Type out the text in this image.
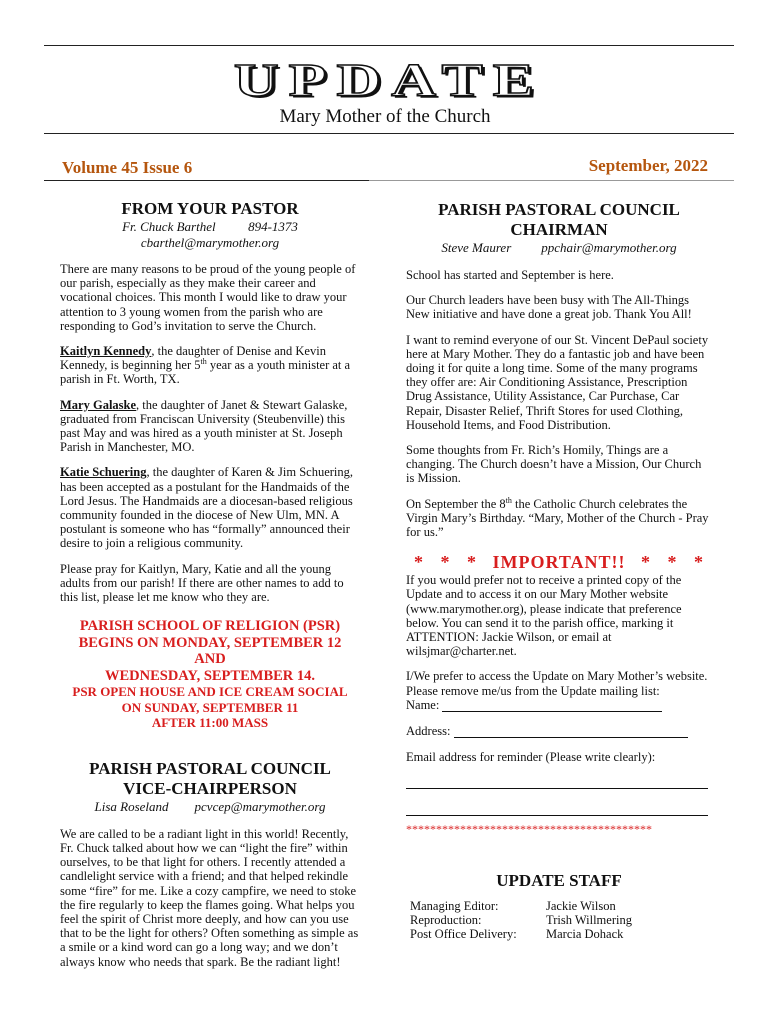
UPDATE
Mary Mother of the Church
Volume 45 Issue 6	September, 2022
FROM YOUR PASTOR
Fr. Chuck Barthel          894-1373
cbarthel@marymother.org

There are many reasons to be proud of the young people of our parish, especially as they make their career and vocational choices. This month I would like to draw your attention to 3 young women from the parish who are responding to God’s invitation to serve the Church.

Kaitlyn Kennedy, the daughter of Denise and Kevin Kennedy, is beginning her 5th year as a youth minister at a parish in Ft. Worth, TX.

Mary Galaske, the daughter of Janet & Stewart Galaske, graduated from Franciscan University (Steubenville) this past May and was hired as a youth minister at St. Joseph Parish in Manchester, MO.

Katie Schuering, the daughter of Karen & Jim Schuering, has been accepted as a postulant for the Handmaids of the Lord Jesus. The Handmaids are a diocesan-based religious community founded in the diocese of New Ulm, MN. A postulant is someone who has “formally” announced their desire to join a religious community.

Please pray for Kaitlyn, Mary, Katie and all the young adults from our parish! If there are other names to add to this list, please let me know who they are.

PARISH SCHOOL OF RELIGION (PSR)
BEGINS ON MONDAY, SEPTEMBER 12
AND
WEDNESDAY, SEPTEMBER 14.
PSR OPEN HOUSE AND ICE CREAM SOCIAL
ON SUNDAY, SEPTEMBER 11
AFTER 11:00 MASS
PARISH PASTORAL COUNCIL
VICE-CHAIRPERSON
Lisa Roseland pcvcep@marymother.org

We are called to be a radiant light in this world! Recently, Fr. Chuck talked about how we can “light the fire” within ourselves, to be that light for others. I recently attended a candlelight service with a friend; and that helped rekindle some “fire” for me. Like a cozy campfire, we need to stoke the fire regularly to keep the flames going. What helps you feel the spirit of Christ more deeply, and how can you use that to be the light for others? Often something as simple as a smile or a kind word can go a long way; and we don’t always know who needs that spark. Be the radiant light!

PARISH PASTORAL COUNCIL
CHAIRMAN
Steve Maurer ppchair@marymother.org

School has started and September is here.

Our Church leaders have been busy with The All-Things New initiative and have done a great job. Thank You All!

I want to remind everyone of our St. Vincent DePaul society here at Mary Mother. They do a fantastic job and have been doing it for quite a long time. Some of the many programs they offer are: Air Conditioning Assistance, Prescription Drug Assistance, Utility Assistance, Car Purchase, Car Repair, Disaster Relief, Thrift Stores for used Clothing, Household Items, and Food Distribution.

Some thoughts from Fr. Rich’s Homily, Things are a changing. The Church doesn’t have a Mission, Our Church is Mission.

On September the 8th the Catholic Church celebrates the Virgin Mary’s Birthday. “Mary, Mother of the Church - Pray for us.”

*   *   * IMPORTANT!! *   *   *

If you would prefer not to receive a printed copy of the Update and to access it on our Mary Mother website (www.marymother.org), please indicate that preference below. You can send it to the parish office, marking it ATTENTION: Jackie Wilson, or email at wilsjmar@charter.net.

I/We prefer to access the Update on Mary Mother’s website. Please remove me/us from the Update mailing list:
Name:

Address:

Email address for reminder (Please write clearly):

*****************************************
UPDATE STAFF
Managing Editor:	Jackie Wilson
Reproduction:	Trish Willmering
Post Office Delivery:	Marcia Dohack
